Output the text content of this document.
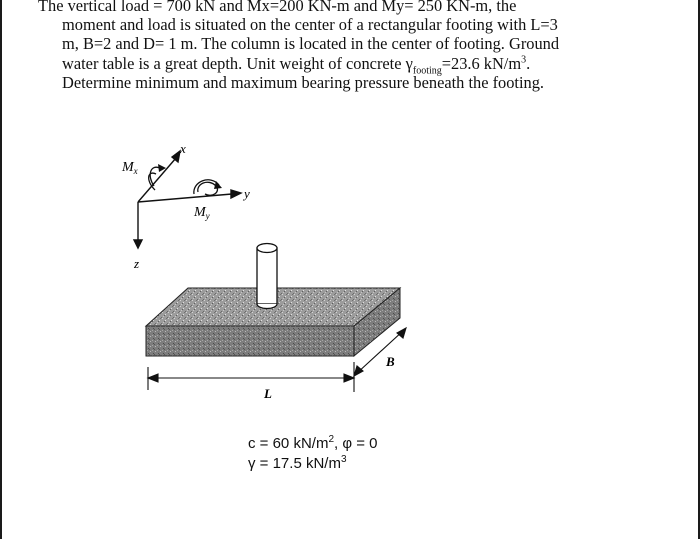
The vertical load = 700 kN and Mx=200 KN-m and My= 250 KN-m, the
moment and load is situated on the center of a rectangular footing with L=3
m, B=2 and D= 1 m. The column is located in the center of footing. Ground
water table is a great depth. Unit weight of concrete $\gamma_{footing}=23.6$ $kN/m^3$.
Determine minimum and maximum bearing pressure beneath the footing.
x
y
z
$M_x$
$M_y$
L
B
c = 60 $kN/m^2$, φ = 0
γ = 17.5 $kN/m^3$
